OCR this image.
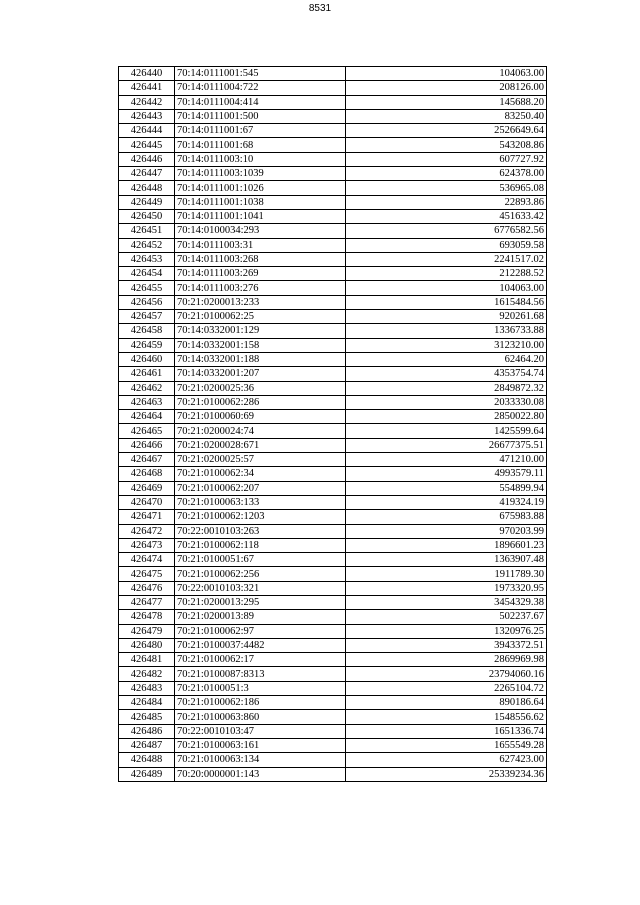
8531
426440	70:14:0111001:545	104063.00
426441	70:14:0111004:722	208126.00
426442	70:14:0111004:414	145688.20
426443	70:14:0111001:500	83250.40
426444	70:14:0111001:67	2526649.64
426445	70:14:0111001:68	543208.86
426446	70:14:0111003:10	607727.92
426447	70:14:0111003:1039	624378.00
426448	70:14:0111001:1026	536965.08
426449	70:14:0111001:1038	22893.86
426450	70:14:0111001:1041	451633.42
426451	70:14:0100034:293	6776582.56
426452	70:14:0111003:31	693059.58
426453	70:14:0111003:268	2241517.02
426454	70:14:0111003:269	212288.52
426455	70:14:0111003:276	104063.00
426456	70:21:0200013:233	1615484.56
426457	70:21:0100062:25	920261.68
426458	70:14:0332001:129	1336733.88
426459	70:14:0332001:158	3123210.00
426460	70:14:0332001:188	62464.20
426461	70:14:0332001:207	4353754.74
426462	70:21:0200025:36	2849872.32
426463	70:21:0100062:286	2033330.08
426464	70:21:0100060:69	2850022.80
426465	70:21:0200024:74	1425599.64
426466	70:21:0200028:671	26677375.51
426467	70:21:0200025:57	471210.00
426468	70:21:0100062:34	4993579.11
426469	70:21:0100062:207	554899.94
426470	70:21:0100063:133	419324.19
426471	70:21:0100062:1203	675983.88
426472	70:22:0010103:263	970203.99
426473	70:21:0100062:118	1896601.23
426474	70:21:0100051:67	1363907.48
426475	70:21:0100062:256	1911789.30
426476	70:22:0010103:321	1973320.95
426477	70:21:0200013:295	3454329.38
426478	70:21:0200013:89	502237.67
426479	70:21:0100062:97	1320976.25
426480	70:21:0100037:4482	3943372.51
426481	70:21:0100062:17	2869969.98
426482	70:21:0100087:8313	23794060.16
426483	70:21:0100051:3	2265104.72
426484	70:21:0100062:186	890186.64
426485	70:21:0100063:860	1548556.62
426486	70:22:0010103:47	1651336.74
426487	70:21:0100063:161	1655549.28
426488	70:21:0100063:134	627423.00
426489	70:20:0000001:143	25339234.36
